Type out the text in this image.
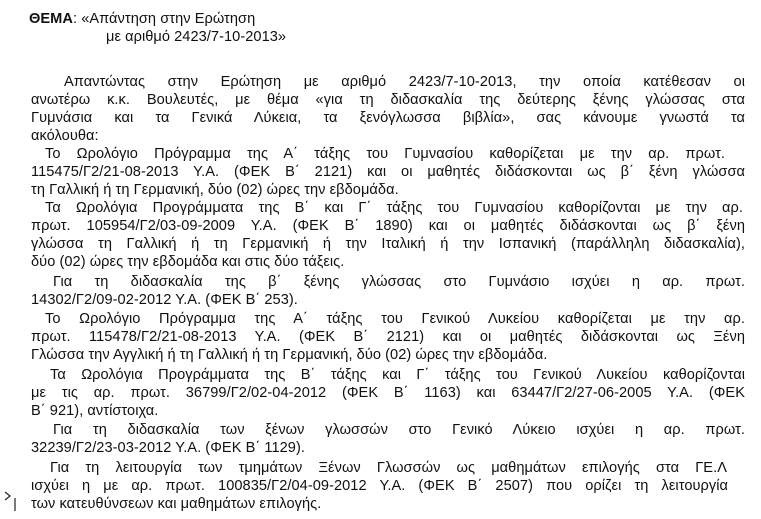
ΘΕΜΑ: «Απάντηση στην Ερώτηση
με αριθμό 2423/7-10-2013»
Απαντώντας στην Ερώτηση με αριθμό 2423/7-10-2013, την οποία κατέθεσαν οι
ανωτέρω κ.κ. Βουλευτές, με θέμα «για τη διδασκαλία της δεύτερης ξένης γλώσσας στα
Γυμνάσια και τα Γενικά Λύκεια, τα ξενόγλωσσα βιβλία», σας κάνουμε γνωστά τα
ακόλουθα:
Το Ωρολόγιο Πρόγραμμα της Α΄ τάξης του Γυμνασίου καθορίζεται με την αρ. πρωτ.
115475/Γ2/21-08-2013 Υ.Α. (ΦΕΚ Β΄ 2121) και οι μαθητές διδάσκονται ως β΄ ξένη γλώσσα
τη Γαλλική ή τη Γερμανική, δύο (02) ώρες την εβδομάδα.
Τα Ωρολόγια Προγράμματα της Β΄ και Γ΄ τάξης του Γυμνασίου καθορίζονται με την αρ.
πρωτ. 105954/Γ2/03-09-2009 Υ.Α. (ΦΕΚ Β΄ 1890) και οι μαθητές διδάσκονται ως β΄ ξένη
γλώσσα τη Γαλλική ή τη Γερμανική ή την Ιταλική ή την Ισπανική (παράλληλη διδασκαλία),
δύο (02) ώρες την εβδομάδα και στις δύο τάξεις.
Για τη διδασκαλία της β΄ ξένης γλώσσας στο Γυμνάσιο ισχύει η αρ. πρωτ.
14302/Γ2/09-02-2012 Υ.Α. (ΦΕΚ Β΄ 253).
Το Ωρολόγιο Πρόγραμμα της Α΄ τάξης του Γενικού Λυκείου καθορίζεται με την αρ.
πρωτ. 115478/Γ2/21-08-2013 Υ.Α. (ΦΕΚ Β΄ 2121) και οι μαθητές διδάσκονται ως Ξένη
Γλώσσα την Αγγλική ή τη Γαλλική ή τη Γερμανική, δύο (02) ώρες την εβδομάδα.
Τα Ωρολόγια Προγράμματα της Β΄ τάξης και Γ΄ τάξης του Γενικού Λυκείου καθορίζονται
με τις αρ. πρωτ. 36799/Γ2/02-04-2012 (ΦΕΚ Β΄ 1163) και 63447/Γ2/27-06-2005 Υ.Α. (ΦΕΚ
Β΄ 921), αντίστοιχα.
Για τη διδασκαλία των ξένων γλωσσών στο Γενικό Λύκειο ισχύει η αρ. πρωτ.
32239/Γ2/23-03-2012 Υ.Α. (ΦΕΚ Β΄ 1129).
Για τη λειτουργία των τμημάτων Ξένων Γλωσσών ως μαθημάτων επιλογής στα ΓΕ.Λ
ισχύει η με αρ. πρωτ. 100835/Γ2/04-09-2012 Υ.Α. (ΦΕΚ Β΄ 2507) που ορίζει τη λειτουργία
των κατευθύνσεων και μαθημάτων επιλογής.
